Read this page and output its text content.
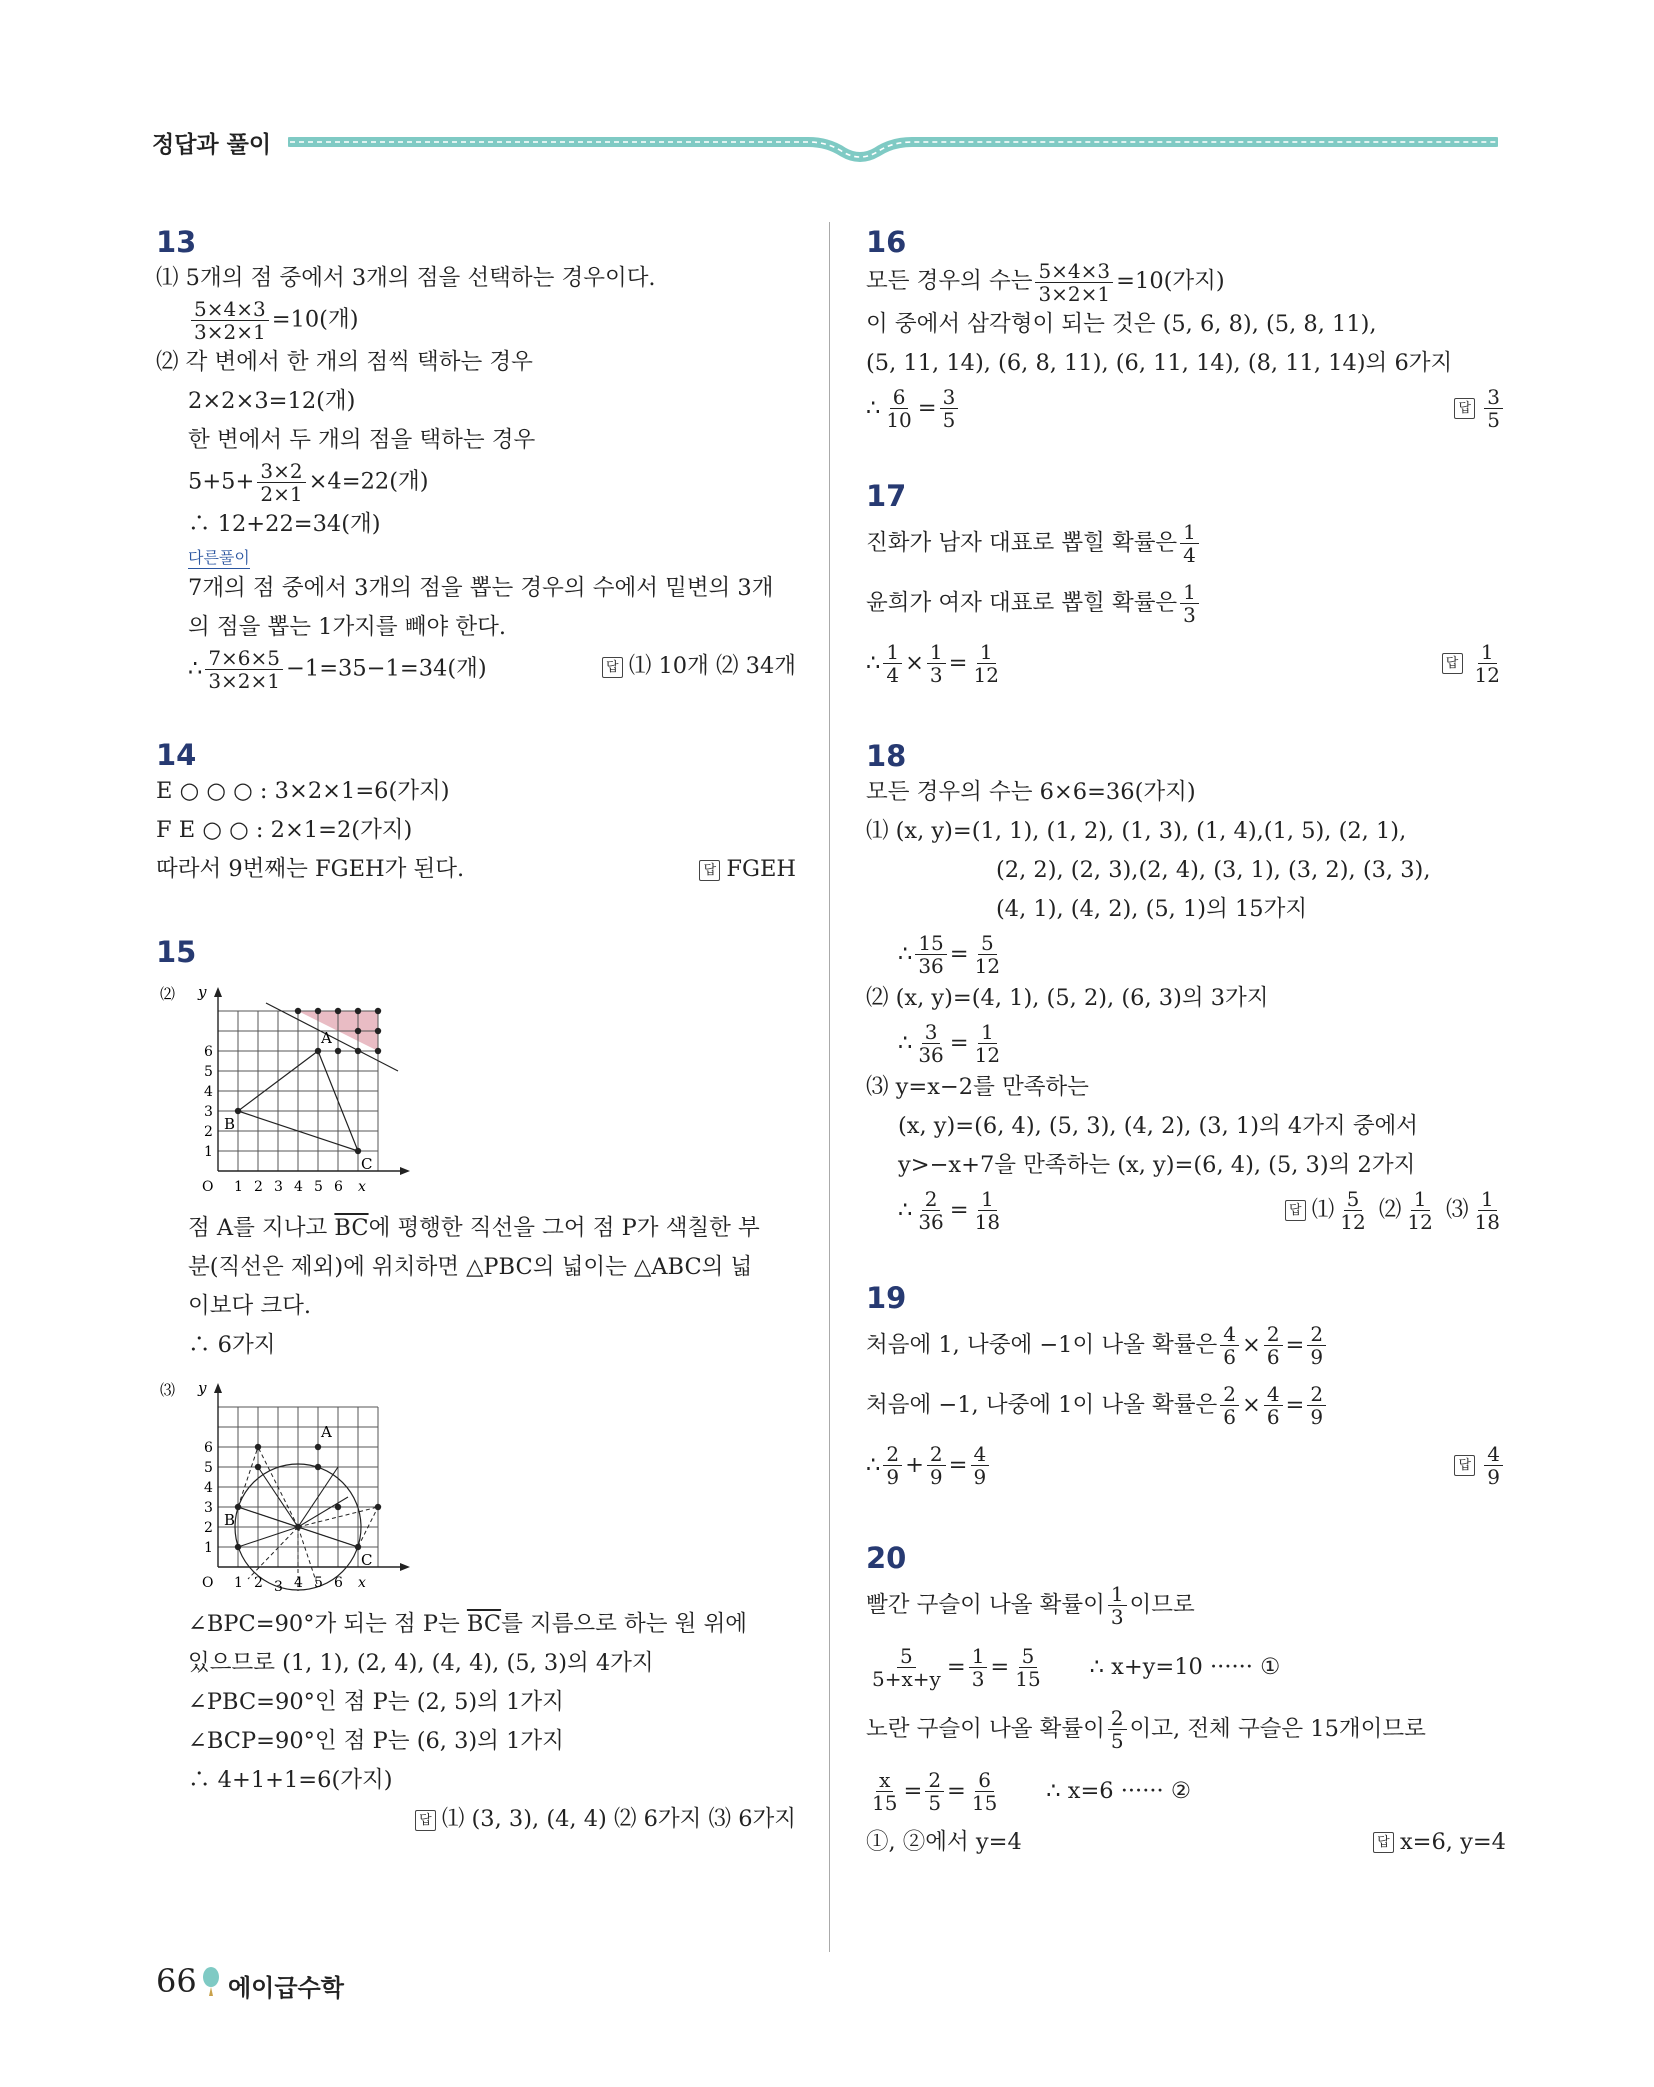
정답과 풀이
13
⑴ 5개의 점 중에서 3개의 점을 선택하는 경우이다.
$\frac{5\times 4\times 3}{3\times 2\times 1} =10$(개)
⑵ 각 변에서 한 개의 점씩 택하는 경우
2×2×3=12(개)
한 변에서 두 개의 점을 택하는 경우
$5+5+ \frac{3\times 2}{2\times 1} \times 4=22$(개)
∴ 12+22=34(개)
다른풀이
7개의 점 중에서 3개의 점을 뽑는 경우의 수에서 밑변의 3개
의 점을 뽑는 1가지를 빼야 한다.
∴ $\frac{7\times 6\times 5}{3\times 2\times 1} -1=35-1=34$(개)	답 ⑴ 10개 ⑵ 34개
14
E ○ ○ ○ : 3×2×1=6(가지)
F E ○ ○ : 2×1=2(가지)
따라서 9번째는 FGEH가 된다.	답 FGEH
15
⑵ y
A
B
C
O 1 2 3 4 5 6 x
1
2
3
4
5
6
점 A를 지나고 $\overline{BC}$에 평행한 직선을 그어 점 P가 색칠한 부
분(직선은 제외)에 위치하면 △PBC의 넓이는 △ABC의 넓
이보다 크다.
∴ 6가지
⑶ y
A
B
C
O 1 2 3 4 5 6 x
1
2
3
4
5
6
∠BPC=90°가 되는 점 P는 $\overline{BC}$를 지름으로 하는 원 위에
있으므로 (1, 1), (2, 4), (4, 4), (5, 3)의 4가지
∠PBC=90°인 점 P는 (2, 5)의 1가지
∠BCP=90°인 점 P는 (6, 3)의 1가지
∴ 4+1+1=6(가지)

답 ⑴ (3, 3), (4, 4) ⑵ 6가지 ⑶ 6가지
16
모든 경우의 수는 $\frac{5\times 4\times 3}{3\times 2\times 1} =10$(가지)
이 중에서 삼각형이 되는 것은 (5, 6, 8), (5, 8, 11),
(5, 11, 14), (6, 8, 11), (6, 11, 14), (8, 11, 14)의 6가지
∴ $\frac{6}{10} = \frac{3}{5}$	답 $\frac{3}{5}$
17
진화가 남자 대표로 뽑힐 확률은 $\frac{1}{4}$
윤희가 여자 대표로 뽑힐 확률은 $\frac{1}{3}$
∴ $\frac{1}{4} \times \frac{1}{3} = \frac{1}{12}$	답 $\frac{1}{12}$
18
모든 경우의 수는 6×6=36(가지)
⑴ (x, y)=(1, 1), (1, 2), (1, 3), (1, 4),(1, 5), (2, 1),
(2, 2), (2, 3),(2, 4), (3, 1), (3, 2), (3, 3),
(4, 1), (4, 2), (5, 1)의 15가지
∴ $\frac{15}{36} = \frac{5}{12}$
⑵ (x, y)=(4, 1), (5, 2), (6, 3)의 3가지
∴ $\frac{3}{36} = \frac{1}{12}$
⑶ y=x−2를 만족하는
(x, y)=(6, 4), (5, 3), (4, 2), (3, 1)의 4가지 중에서
y>−x+7을 만족하는 (x, y)=(6, 4), (5, 3)의 2가지
∴ $\frac{2}{36} = \frac{1}{18}$	답 ⑴ $\frac{5}{12}$ ⑵ $\frac{1}{12}$ ⑶ $\frac{1}{18}$
19
처음에 1, 나중에 −1이 나올 확률은 $\frac{4}{6} \times \frac{2}{6} = \frac{2}{9}$
처음에 −1, 나중에 1이 나올 확률은 $\frac{2}{6} \times \frac{4}{6} = \frac{2}{9}$
∴ $\frac{2}{9} + \frac{2}{9} = \frac{4}{9}$	답 $\frac{4}{9}$
20
빨간 구슬이 나올 확률이 $\frac{1}{3}$ 이므로
$\frac{5}{5+x+y} = \frac{1}{3} = \frac{5}{15}$ ∴ x+y=10 ······ ①
노란 구슬이 나올 확률이 $\frac{2}{5}$ 이고, 전체 구슬은 15개이므로
$\frac{x}{15} = \frac{2}{5} = \frac{6}{15}$ ∴ x=6 ······ ②
①, ②에서 y=4	답 x=6, y=4
66 에이급수학
